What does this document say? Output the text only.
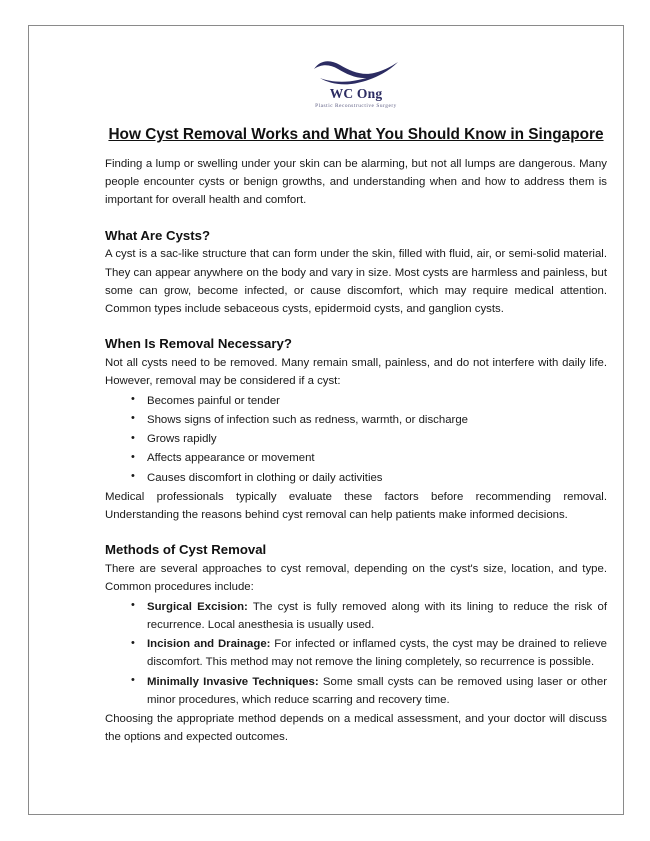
WC Ong
Plastic Reconstructive Surgery
How Cyst Removal Works and What You Should Know in Singapore

Finding a lump or swelling under your skin can be alarming, but not all lumps are dangerous. Many people encounter cysts or benign growths, and understanding when and how to address them is important for overall health and comfort.

What Are Cysts?

A cyst is a sac-like structure that can form under the skin, filled with fluid, air, or semi-solid material. They can appear anywhere on the body and vary in size. Most cysts are harmless and painless, but some can grow, become infected, or cause discomfort, which may require medical attention. Common types include sebaceous cysts, epidermoid cysts, and ganglion cysts.

When Is Removal Necessary?

Not all cysts need to be removed. Many remain small, painless, and do not interfere with daily life. However, removal may be considered if a cyst:

• Becomes painful or tender
• Shows signs of infection such as redness, warmth, or discharge
• Grows rapidly
• Affects appearance or movement
• Causes discomfort in clothing or daily activities

Medical professionals typically evaluate these factors before recommending removal. Understanding the reasons behind cyst removal can help patients make informed decisions.

Methods of Cyst Removal

There are several approaches to cyst removal, depending on the cyst's size, location, and type. Common procedures include:

• Surgical Excision: The cyst is fully removed along with its lining to reduce the risk of recurrence. Local anesthesia is usually used.
• Incision and Drainage: For infected or inflamed cysts, the cyst may be drained to relieve discomfort. This method may not remove the lining completely, so recurrence is possible.
• Minimally Invasive Techniques: Some small cysts can be removed using laser or other minor procedures, which reduce scarring and recovery time.

Choosing the appropriate method depends on a medical assessment, and your doctor will discuss the options and expected outcomes.
